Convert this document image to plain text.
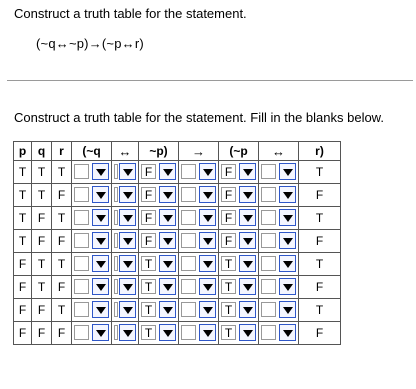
Construct a truth table for the statement.
(~q↔~p)→(~p↔r)
Construct a truth table for the statement. Fill in the blanks below.
p	q	r	(~q	↔	~p)	→	(~p	↔	r)
T	T	T			F		F		T
T	T	F			F		F		F
T	F	T			F		F		T
T	F	F			F		F		F
F	T	T			T		T		T
F	T	F			T		T		F
F	F	T			T		T		T
F	F	F			T		T		F
